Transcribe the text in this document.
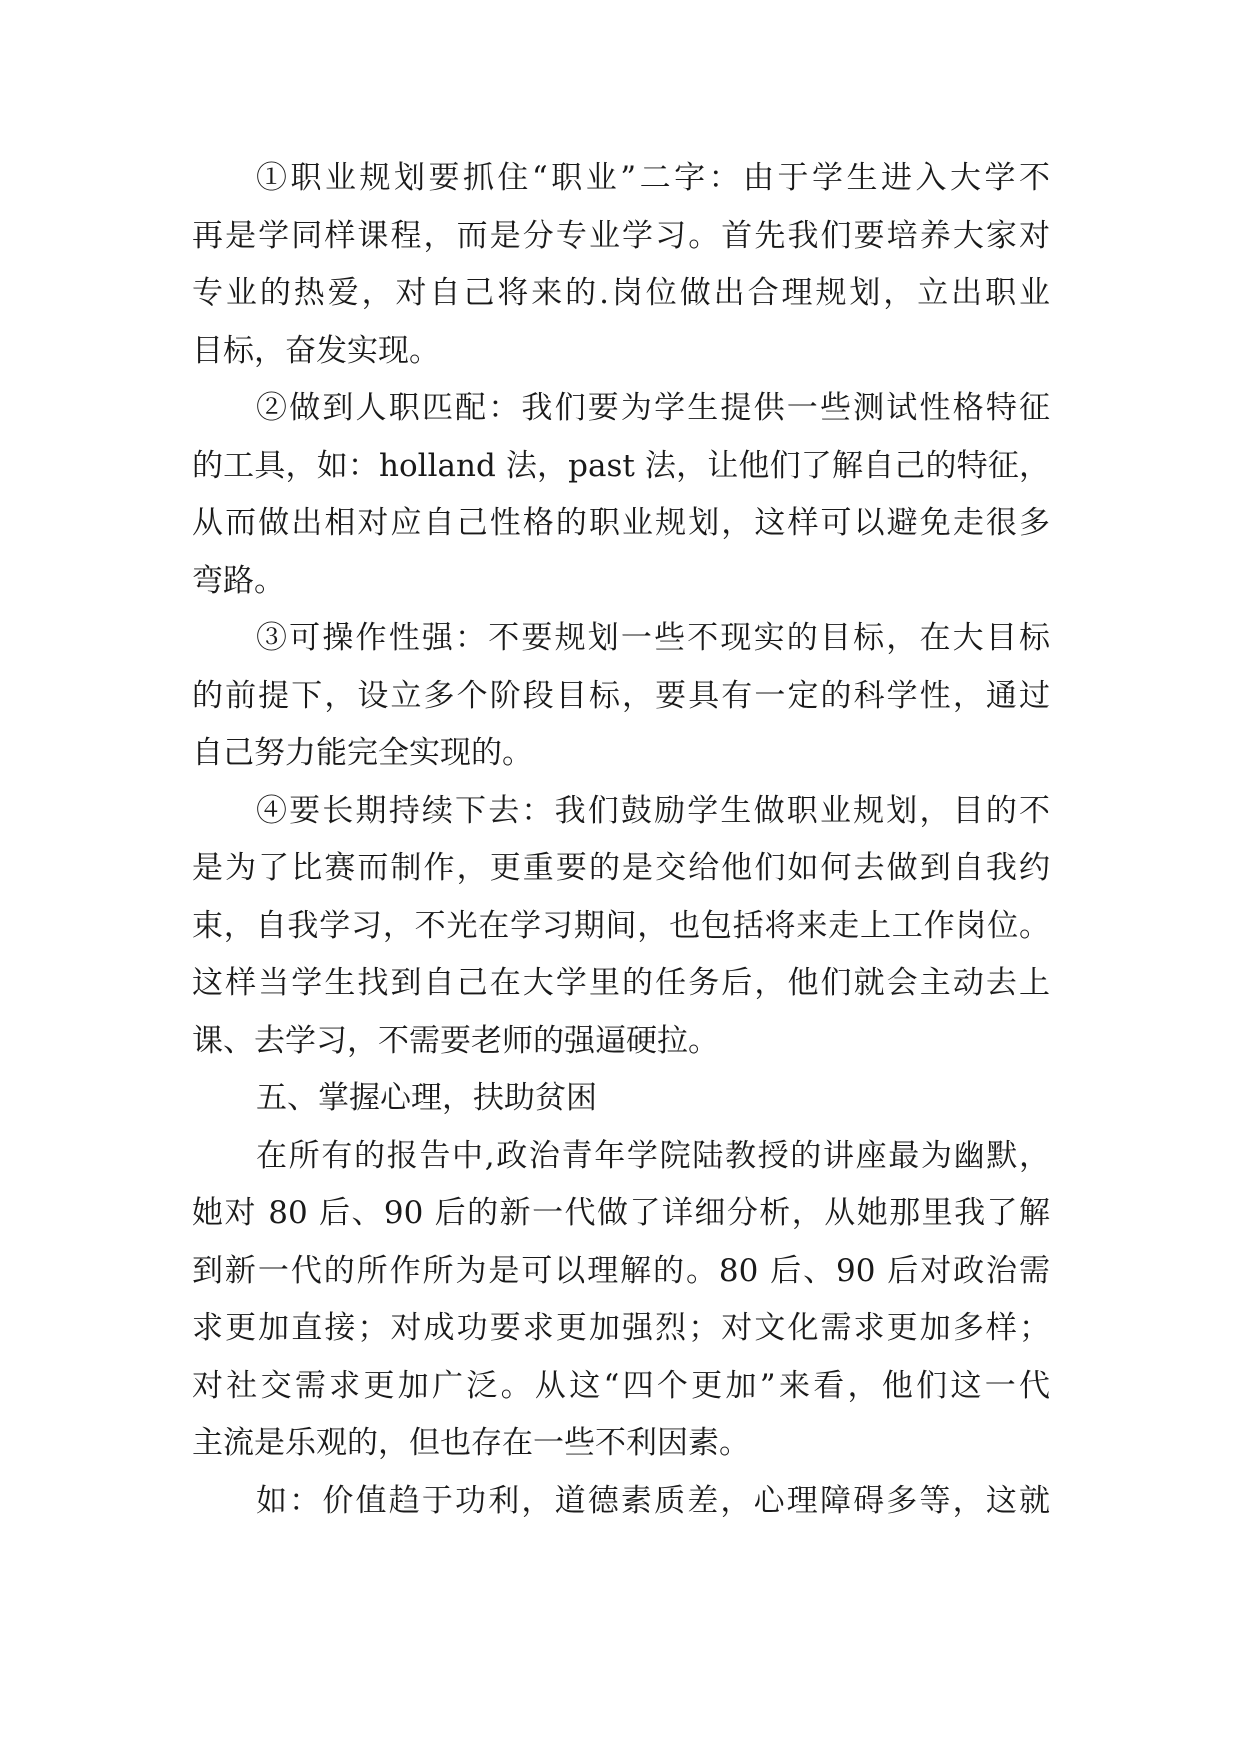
①职业规划要抓住“职业”二字：由于学生进入大学不
再是学同样课程，而是分专业学习。首先我们要培养大家对
专业的热爱，对自己将来的.岗位做出合理规划，立出职业
目标，奋发实现。
②做到人职匹配：我们要为学生提供一些测试性格特征
的工具，如：holland 法，past 法，让他们了解自己的特征，
从而做出相对应自己性格的职业规划，这样可以避免走很多
弯路。
③可操作性强：不要规划一些不现实的目标，在大目标
的前提下，设立多个阶段目标，要具有一定的科学性，通过
自己努力能完全实现的。
④要长期持续下去：我们鼓励学生做职业规划，目的不
是为了比赛而制作，更重要的是交给他们如何去做到自我约
束，自我学习，不光在学习期间，也包括将来走上工作岗位。
这样当学生找到自己在大学里的任务后，他们就会主动去上
课、去学习，不需要老师的强逼硬拉。
五、掌握心理，扶助贫困
在所有的报告中,政治青年学院陆教授的讲座最为幽默，
她对 80 后、90 后的新一代做了详细分析，从她那里我了解
到新一代的所作所为是可以理解的。80 后、90 后对政治需
求更加直接；对成功要求更加强烈；对文化需求更加多样；
对社交需求更加广泛。从这“四个更加”来看，他们这一代
主流是乐观的，但也存在一些不利因素。
如：价值趋于功利，道德素质差，心理障碍多等，这就
